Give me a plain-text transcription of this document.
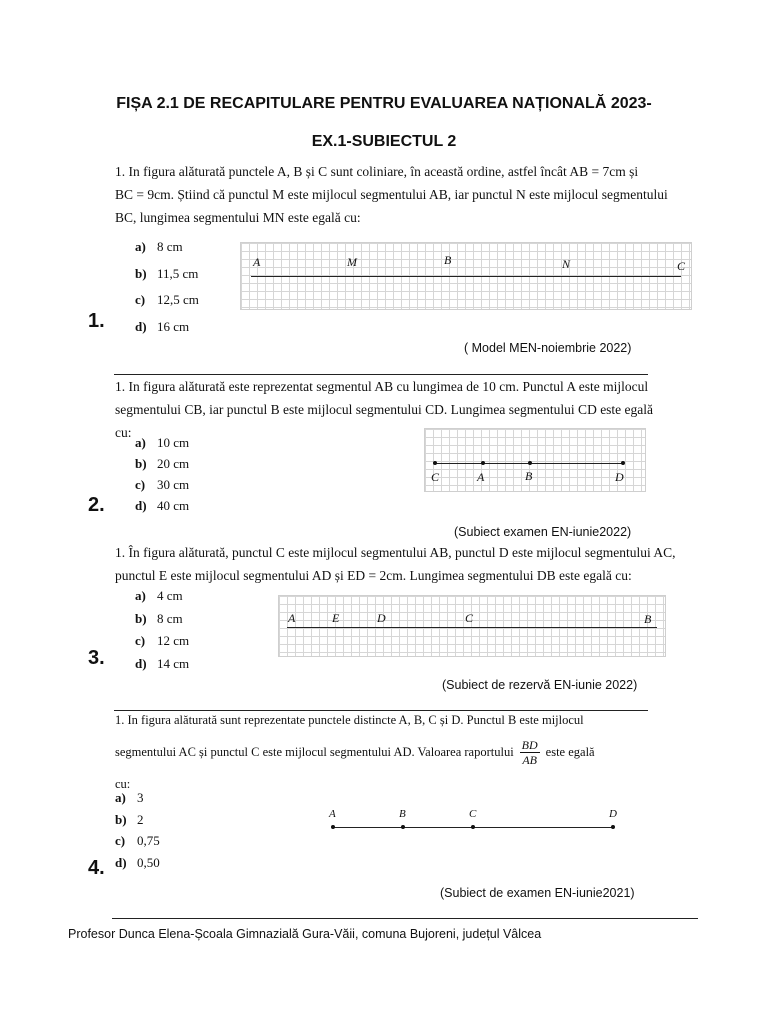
FIȘA 2.1 DE RECAPITULARE PENTRU EVALUAREA NAȚIONALĂ 2023-
EX.1-SUBIECTUL 2
1. In figura alăturată punctele A, B și C sunt coliniare, în această ordine, astfel încât AB = 7cm și
BC = 9cm. Știind că punctul M este mijlocul segmentului AB, iar punctul N este mijlocul segmentului
BC, lungimea segmentului MN este egală cu:
a) 8 cm
b) 11,5 cm
c) 12,5 cm
d) 16 cm
1.
A	M	B	N	C
( Model MEN-noiembrie 2022)
1. In figura alăturată este reprezentat segmentul AB cu lungimea de 10 cm. Punctul A este mijlocul
segmentului CB, iar punctul B este mijlocul segmentului CD. Lungimea segmentului CD este egală
cu:
a) 10 cm
b) 20 cm
c) 30 cm
d) 40 cm
2.
C	A	B	D
(Subiect examen EN-iunie2022)
1. În figura alăturată, punctul C este mijlocul segmentului AB, punctul D este mijlocul segmentului AC,
punctul E este mijlocul segmentului AD și ED = 2cm. Lungimea segmentului DB este egală cu:
a) 4 cm
b) 8 cm
c) 12 cm
d) 14 cm
3.
A	E	D	C	B
(Subiect de rezervă EN-iunie 2022)
1. In figura alăturată sunt reprezentate punctele distincte A, B, C și D. Punctul B este mijlocul
segmentului AC și punctul C este mijlocul segmentului AD. Valoarea raportului $\frac{BD}{AB}$ este egală
cu:
a) 3
b) 2
c) 0,75
d) 0,50
4.
A	B	C	D
(Subiect de examen EN-iunie2021)
Profesor Dunca Elena-Școala Gimnazială Gura-Văii, comuna Bujoreni, județul Vâlcea
